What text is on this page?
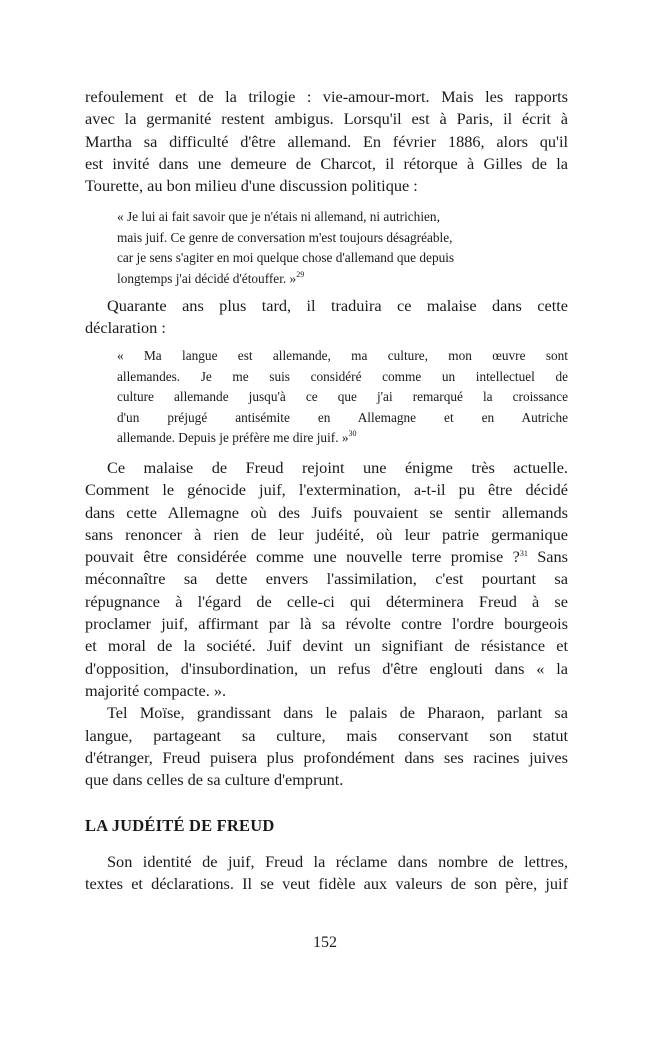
refoulement et de la trilogie : vie-amour-mort. Mais les rapports
avec la germanité restent ambigus. Lorsqu'il est à Paris, il écrit à
Martha sa difficulté d'être allemand. En février 1886, alors qu'il
est invité dans une demeure de Charcot, il rétorque à Gilles de la
Tourette, au bon milieu d'une discussion politique :
« Je lui ai fait savoir que je n'étais ni allemand, ni autrichien,
mais juif. Ce genre de conversation m'est toujours désagréable,
car je sens s'agiter en moi quelque chose d'allemand que depuis
longtemps j'ai décidé d'étouffer. »$^{29}$
Quarante ans plus tard, il traduira ce malaise dans cette
déclaration :
« Ma langue est allemande, ma culture, mon œuvre sont
allemandes. Je me suis considéré comme un intellectuel de
culture allemande jusqu'à ce que j'ai remarqué la croissance
d'un préjugé antisémite en Allemagne et en Autriche
allemande. Depuis je préfère me dire juif. »$^{30}$
Ce malaise de Freud rejoint une énigme très actuelle.
Comment le génocide juif, l'extermination, a-t-il pu être décidé
dans cette Allemagne où des Juifs pouvaient se sentir allemands
sans renoncer à rien de leur judéité, où leur patrie germanique
pouvait être considérée comme une nouvelle terre promise ?$^{31}$ Sans
méconnaître sa dette envers l'assimilation, c'est pourtant sa
répugnance à l'égard de celle-ci qui déterminera Freud à se
proclamer juif, affirmant par là sa révolte contre l'ordre bourgeois
et moral de la société. Juif devint un signifiant de résistance et
d'opposition, d'insubordination, un refus d'être englouti dans « la
majorité compacte. ».
Tel Moïse, grandissant dans le palais de Pharaon, parlant sa
langue, partageant sa culture, mais conservant son statut
d'étranger, Freud puisera plus profondément dans ses racines juives
que dans celles de sa culture d'emprunt.
LA JUDÉITÉ DE FREUD
Son identité de juif, Freud la réclame dans nombre de lettres,
textes et déclarations. Il se veut fidèle aux valeurs de son père, juif
152
